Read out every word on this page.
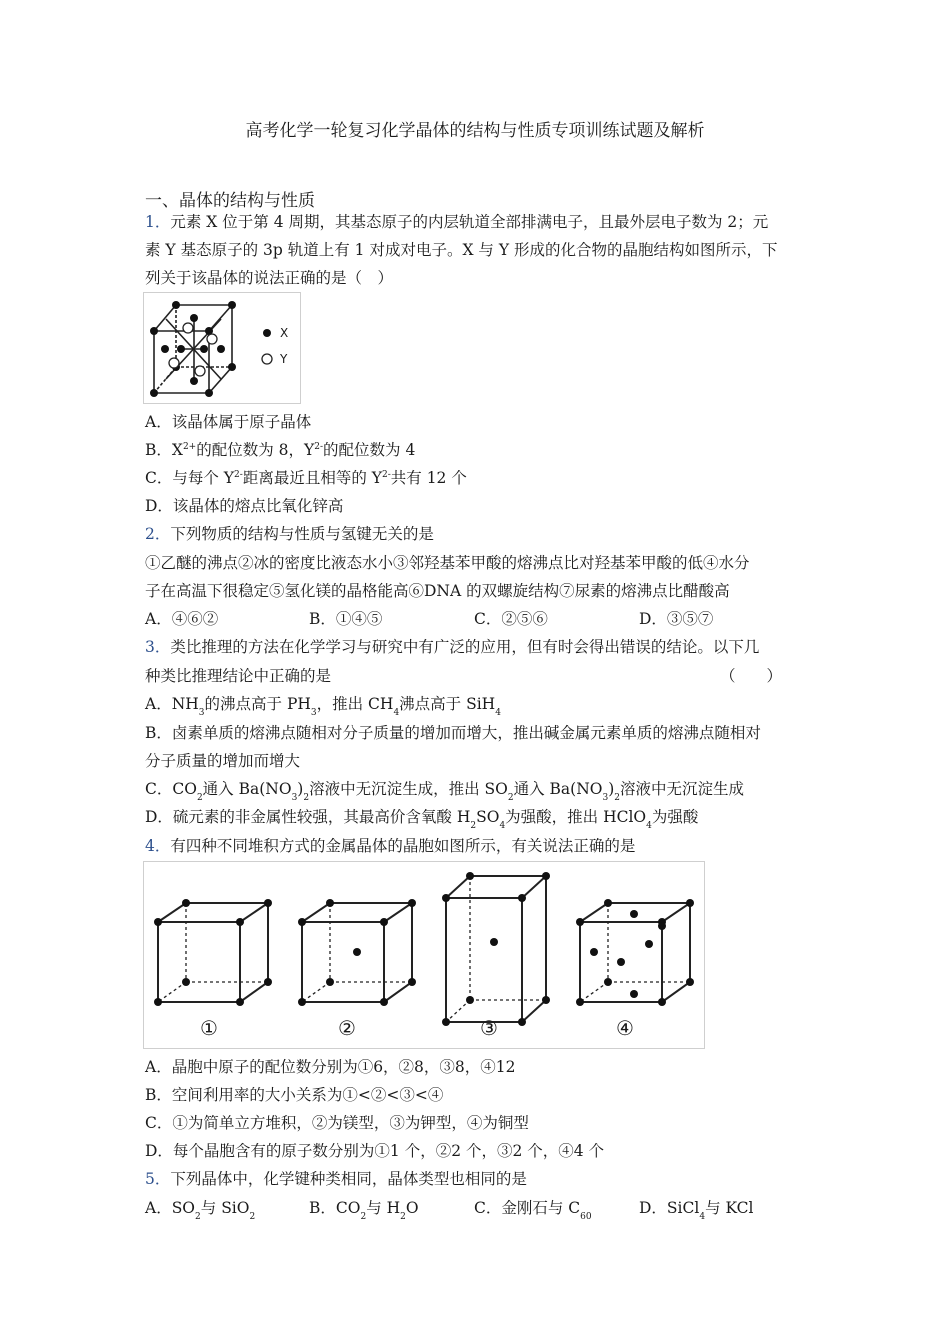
高考化学一轮复习化学晶体的结构与性质专项训练试题及解析
一、晶体的结构与性质
1．元素 X 位于第 4 周期，其基态原子的内层轨道全部排满电子，且最外层电子数为 2；元
素 Y 基态原子的 3p 轨道上有 1 对成对电子。X 与 Y 形成的化合物的晶胞结构如图所示，下
列关于该晶体的说法正确的是（　）
X
Y
A．该晶体属于原子晶体
B．$X^{2+}$的配位数为 8，$Y^{2-}$的配位数为 4
C．与每个 $Y^{2-}$距离最近且相等的 $Y^{2-}$共有 12 个
D．该晶体的熔点比氧化锌高
2．下列物质的结构与性质与氢键无关的是
①乙醚的沸点②冰的密度比液态水小③邻羟基苯甲酸的熔沸点比对羟基苯甲酸的低④水分
子在高温下很稳定⑤氢化镁的晶格能高⑥DNA 的双螺旋结构⑦尿素的熔沸点比醋酸高
A．④⑥②	B．①④⑤	C．②⑤⑥	D．③⑤⑦
3．类比推理的方法在化学学习与研究中有广泛的应用，但有时会得出错误的结论。以下几
种类比推理结论中正确的是	（　　）
A．$NH_3$的沸点高于 $PH_3$，推出 $CH_4$沸点高于 SiH$_4$
B．卤素单质的熔沸点随相对分子质量的增加而增大，推出碱金属元素单质的熔沸点随相对
分子质量的增加而增大
C．$CO_2$通入 $Ba(NO_3)_2$溶液中无沉淀生成，推出 $SO_2$通入 $Ba(NO_3)_2$溶液中无沉淀生成
D．硫元素的非金属性较强，其最高价含氧酸 $H_2SO_4$为强酸，推出 HClO$_4$为强酸
4．有四种不同堆积方式的金属晶体的晶胞如图所示，有关说法正确的是
①	②	③	④
A．晶胞中原子的配位数分别为①6，②8，③8，④12
B．空间利用率的大小关系为①<②<③<④
C．①为简单立方堆积，②为镁型，③为钾型，④为铜型
D．每个晶胞含有的原子数分别为①1 个，②2 个，③2 个，④4 个
5．下列晶体中，化学键种类相同，晶体类型也相同的是
A．$SO_2$与 SiO$_2$	B．$CO_2$与 $H_2O$	C．金刚石与 $C_{60}$	D．SiCl$_4$与 KCl
